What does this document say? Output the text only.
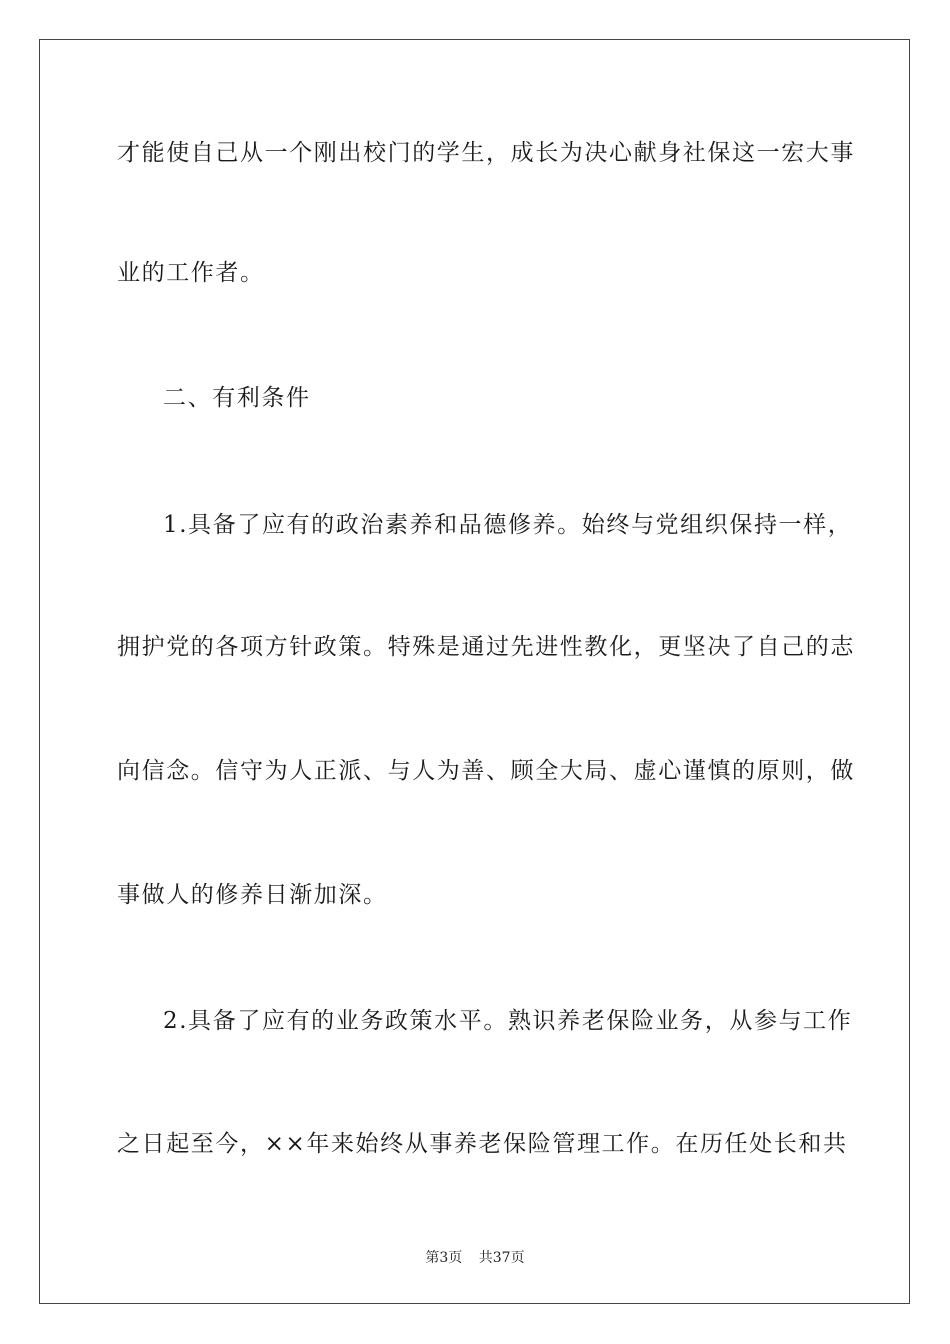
才能使自己从一个刚出校门的学生，成长为决心献身社保这一宏大事
业的工作者。
二、有利条件
1.具备了应有的政治素养和品德修养。始终与党组织保持一样，
拥护党的各项方针政策。特殊是通过先进性教化，更坚决了自己的志
向信念。信守为人正派、与人为善、顾全大局、虚心谨慎的原则，做
事做人的修养日渐加深。
2.具备了应有的业务政策水平。熟识养老保险业务，从参与工作
之日起至今，××年来始终从事养老保险管理工作。在历任处长和共
第3页 共37页
